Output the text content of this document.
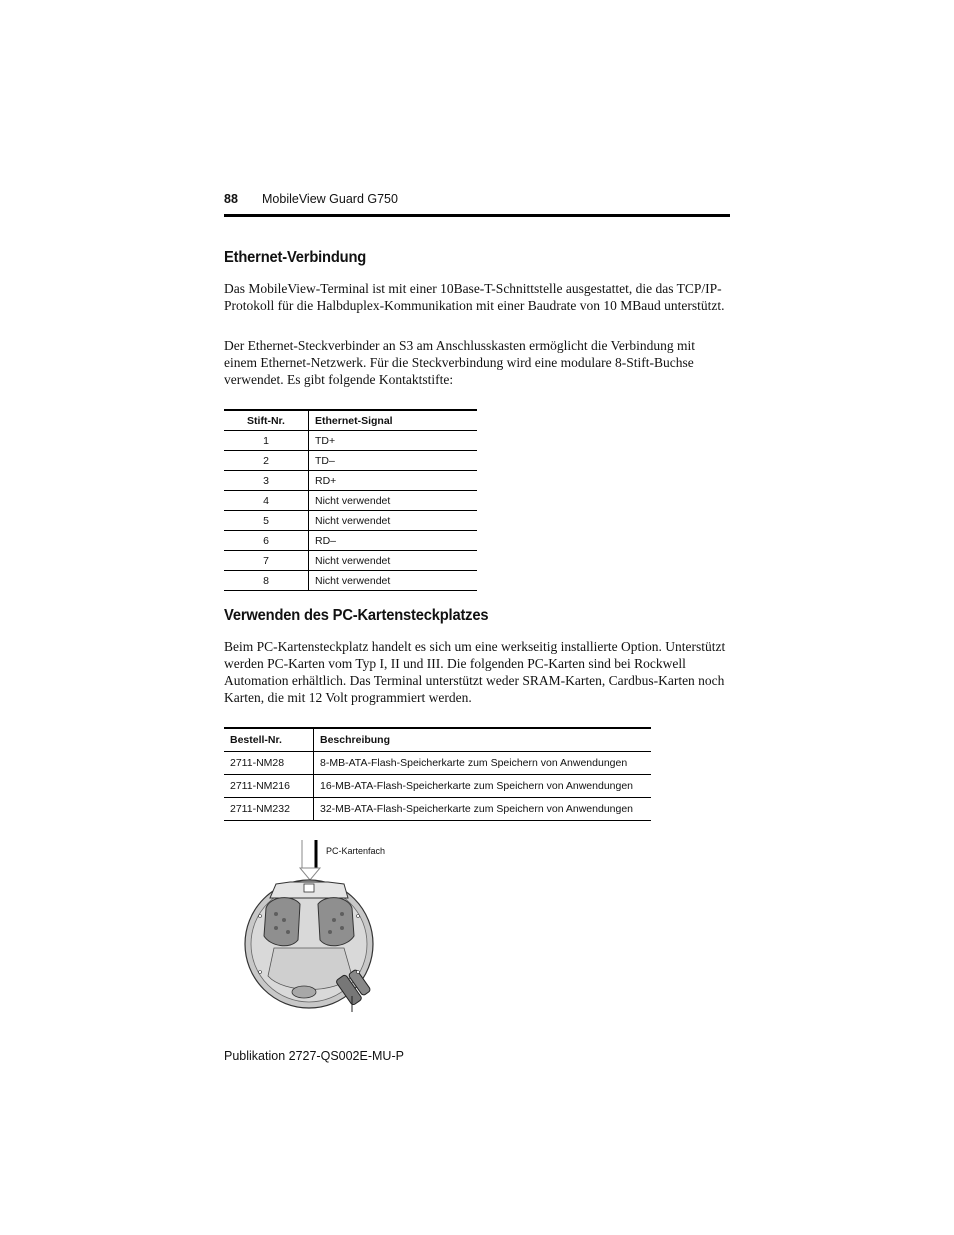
88 MobileView Guard G750
Ethernet-Verbindung

Das MobileView-Terminal ist mit einer 10Base-T-Schnittstelle ausgestattet, die das TCP/IP-Protokoll für die Halbduplex-Kommunikation mit einer Baudrate von 10 MBaud unterstützt.

Der Ethernet-Steckverbinder an S3 am Anschlusskasten ermöglicht die Verbindung mit einem Ethernet-Netzwerk. Für die Steckverbindung wird eine modulare 8-Stift-Buchse verwendet. Es gibt folgende Kontaktstifte:

Stift-Nr.	Ethernet-Signal
1	TD+
2	TD–
3	RD+
4	Nicht verwendet
5	Nicht verwendet
6	RD–
7	Nicht verwendet
8	Nicht verwendet
Verwenden des PC-Kartensteckplatzes

Beim PC-Kartensteckplatz handelt es sich um eine werkseitig installierte Option. Unterstützt werden PC-Karten vom Typ I, II und III. Die folgenden PC-Karten sind bei Rockwell Automation erhältlich. Das Terminal unterstützt weder SRAM-Karten, Cardbus-Karten noch Karten, die mit 12 Volt programmiert werden.

Bestell-Nr.	Beschreibung
2711-NM28	8-MB-ATA-Flash-Speicherkarte zum Speichern von Anwendungen
2711-NM216	16-MB-ATA-Flash-Speicherkarte zum Speichern von Anwendungen
2711-NM232	32-MB-ATA-Flash-Speicherkarte zum Speichern von Anwendungen
PC-Kartenfach
Publikation 2727-QS002E-MU-P
